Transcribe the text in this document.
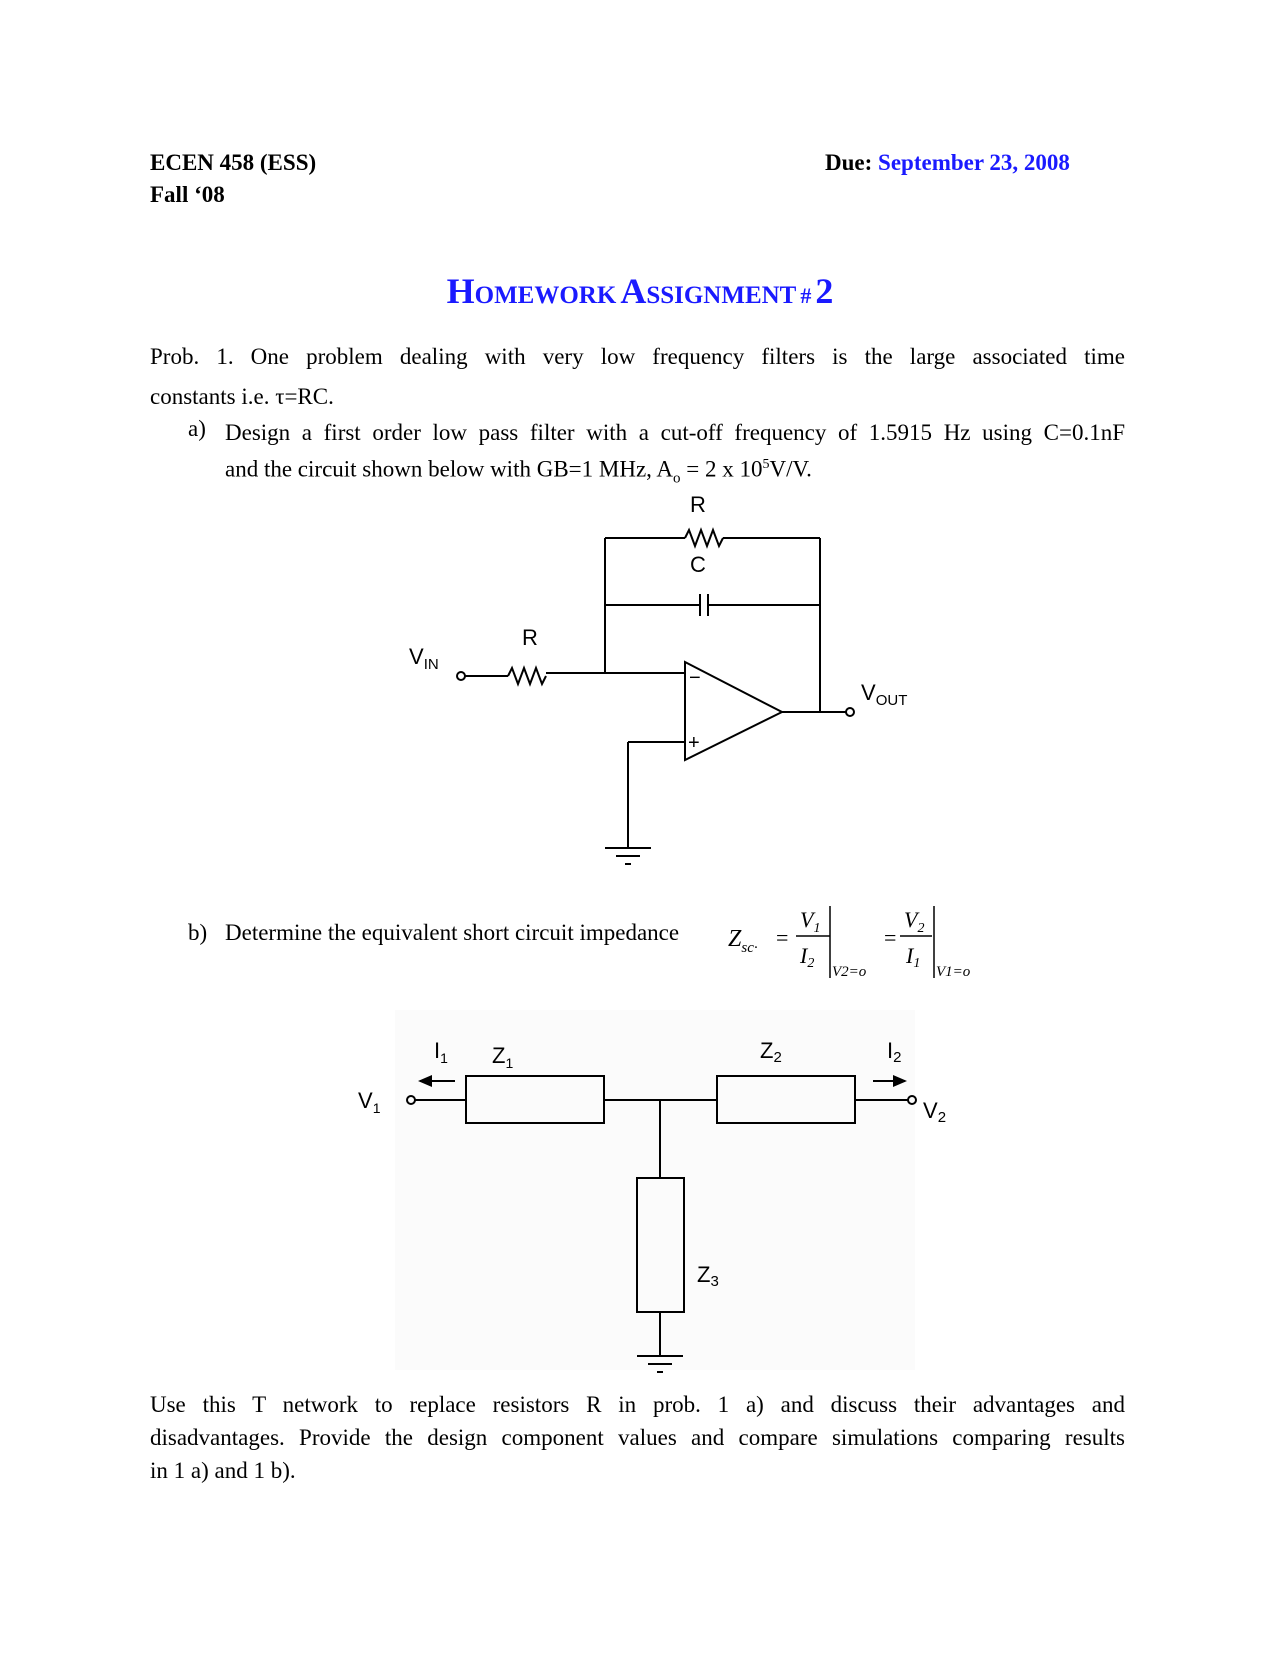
ECEN 458 (ESS)
Fall ‘08
Due: September 23, 2008
HOMEWORK ASSIGNMENT # 2
Prob. 1. One problem dealing with very low frequency filters is the large associated time
constants i.e. τ=RC.
a) Design a first order low pass filter with a cut-off frequency of 1.5915 Hz using C=0.1nF
and the circuit shown below with GB=1 MHz, $A_o = 2$ x $10^5V/V$.
R
C
R
$V_{IN}$
$V_{OUT}$
−
+
b) Determine the equivalent short circuit impedance $Z_{sc\cdot}$ =
$V_1$
I2
V2=o
=
$V_2$
I1
V1=o
$I_1$ $Z_1$	Z2	I2
$V_1$	V2
Z3
Use this T network to replace resistors R in prob. 1 a) and discuss their advantages and
disadvantages. Provide the design component values and compare simulations comparing results
in 1 a) and 1 b).
